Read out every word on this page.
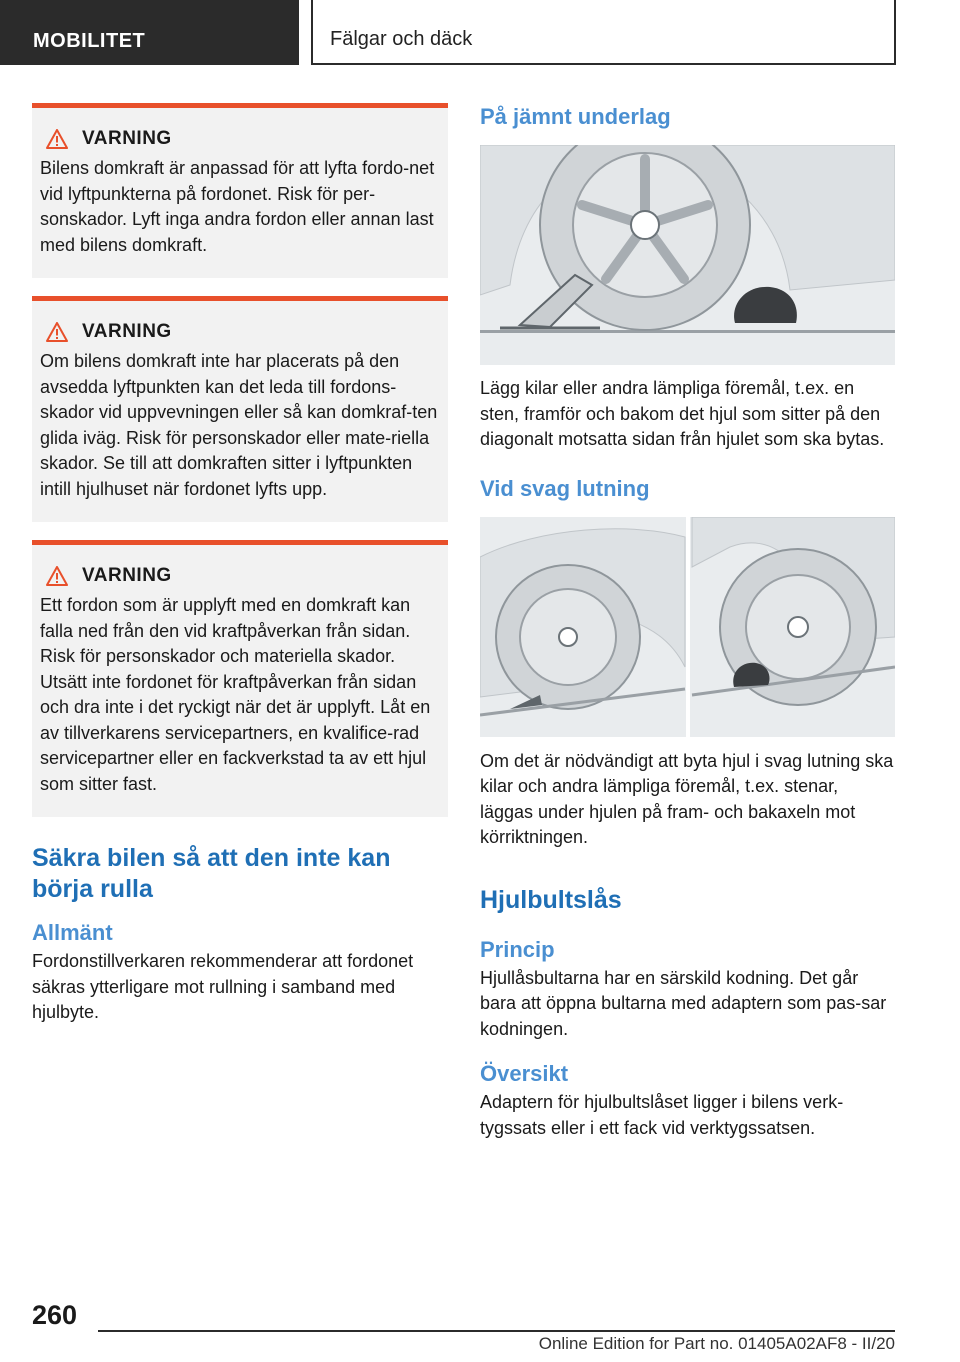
MOBILITET	Fälgar och däck
VARNING

Bilens domkraft är anpassad för att lyfta fordo‐net vid lyftpunkterna på fordonet. Risk för per‐sonskador. Lyft inga andra fordon eller annan last med bilens domkraft.

VARNING

Om bilens domkraft inte har placerats på den avsedda lyftpunkten kan det leda till fordons‐skador vid uppvevningen eller så kan domkraf‐ten glida iväg. Risk för personskador eller mate‐riella skador. Se till att domkraften sitter i lyftpunkten intill hjulhuset när fordonet lyfts upp.

VARNING

Ett fordon som är upplyft med en domkraft kan falla ned från den vid kraftpåverkan från sidan. Risk för personskador och materiella skador. Utsätt inte fordonet för kraftpåverkan från sidan och dra inte i det ryckigt när det är upplyft. Låt en av tillverkarens servicepartners, en kvalifice‐rad servicepartner eller en fackverkstad ta av ett hjul som sitter fast.

Säkra bilen så att den inte kan börja rulla
Allmänt

Fordonstillverkaren rekommenderar att fordonet säkras ytterligare mot rullning i samband med hjulbyte.

På jämnt underlag

Lägg kilar eller andra lämpliga föremål, t.ex. en sten, framför och bakom det hjul som sitter på den diagonalt motsatta sidan från hjulet som ska bytas.

Vid svag lutning

Om det är nödvändigt att byta hjul i svag lutning ska kilar och andra lämpliga föremål, t.ex. stenar, läggas under hjulen på fram- och bakaxeln mot körriktningen.

Hjulbultslås
Princip

Hjullåsbultarna har en särskild kodning. Det går bara att öppna bultarna med adaptern som pas‐sar kodningen.

Översikt

Adaptern för hjulbultslåset ligger i bilens verk‐tygssats eller i ett fack vid verktygssatsen.

260
Online Edition for Part no. 01405A02AF8 - II/20
